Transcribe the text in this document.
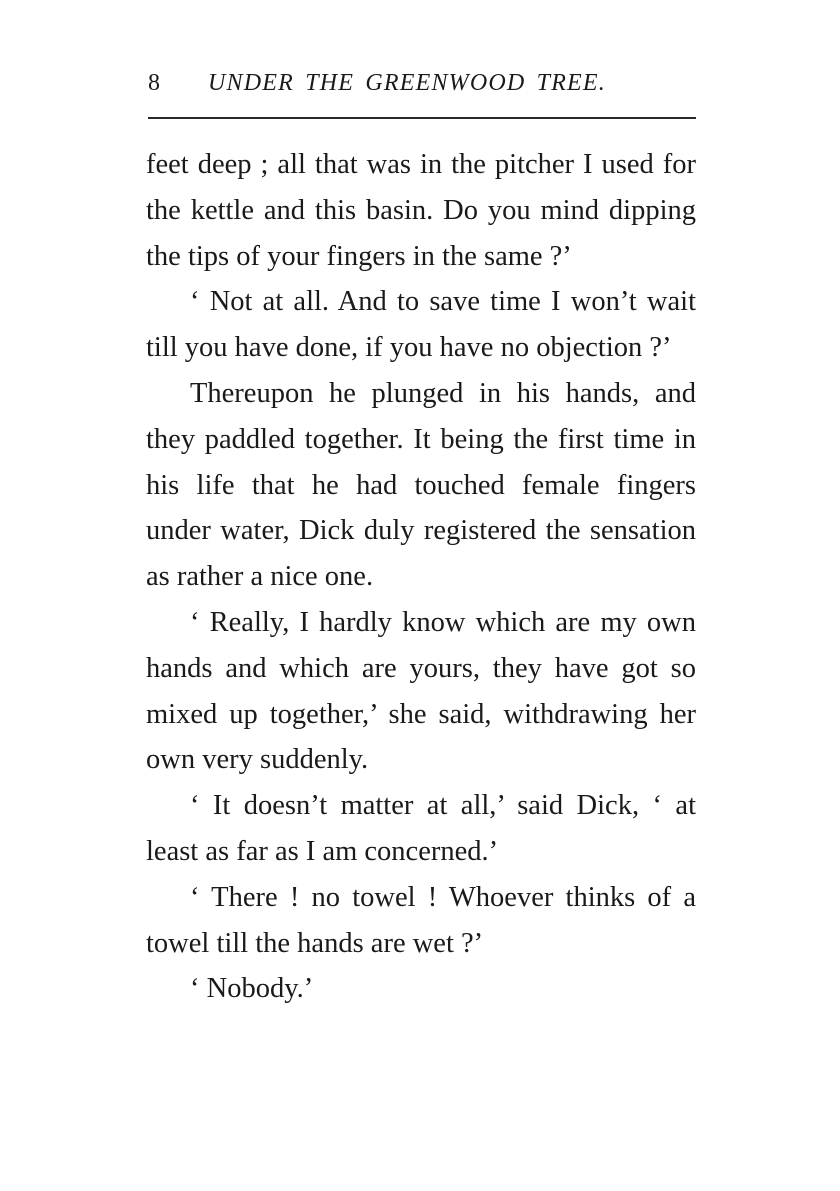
8 UNDER THE GREENWOOD TREE.

feet deep ; all that was in the pitcher I used for the kettle and this basin. Do you mind dipping the tips of your fingers in the same ?’

‘ Not at all. And to save time I won’t wait till you have done, if you have no objection ?’

Thereupon he plunged in his hands, and they paddled together. It being the first time in his life that he had touched female fingers under water, Dick duly registered the sensation as rather a nice one.

‘ Really, I hardly know which are my own hands and which are yours, they have got so mixed up together,’ she said, withdrawing her own very suddenly.

‘ It doesn’t matter at all,’ said Dick, ‘ at least as far as I am concerned.’

‘ There ! no towel ! Whoever thinks of a towel till the hands are wet ?’

‘ Nobody.’
